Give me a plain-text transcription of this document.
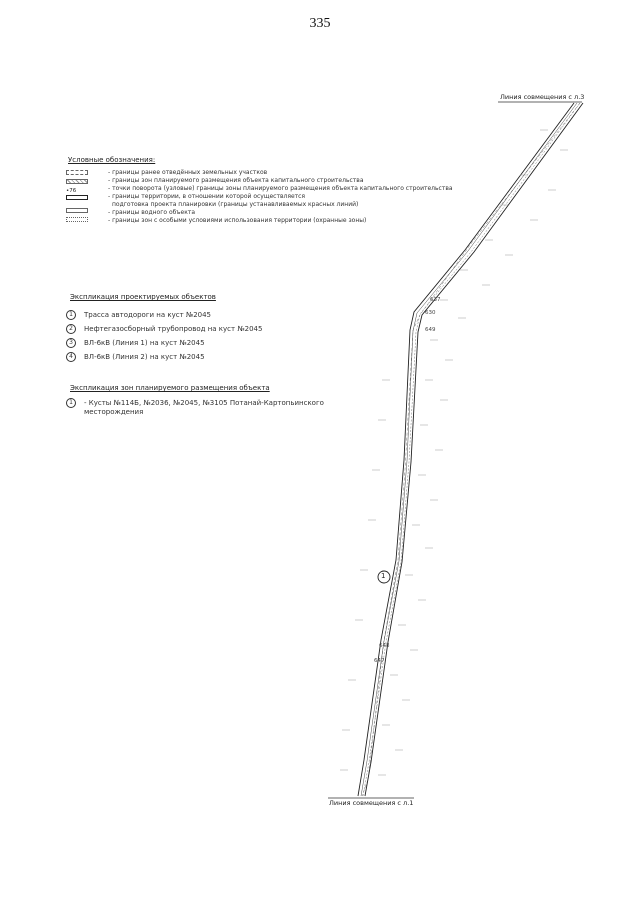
335
1
637
630
649
648
647
Линия совмещения с л.3
Линия совмещения с л.1
Условные обозначения:
•76
- границы ранее отведённых земельных участков
- границы зон планируемого размещения объекта капитального строительства
- точки поворота (узловые) границы зоны планируемого размещения объекта капитального строительства
- границы территории, в отношении которой осуществляется
подготовка проекта планировки (границы устанавливаемых красных линий)
- границы водного объекта
- границы зон с особыми условиями использования территории (охранные зоны)
Экспликация проектируемых объектов
1 Трасса автодороги на куст №2045
2 Нефтегазосборный трубопровод на куст №2045
3 ВЛ-6кВ (Линия 1) на куст №2045
4 ВЛ-6кВ (Линия 2) на куст №2045
Экспликация зон планируемого размещения объекта
1 - Кусты №114Б, №2036, №2045, №3105 Потанай-Картопьинского
месторождения
